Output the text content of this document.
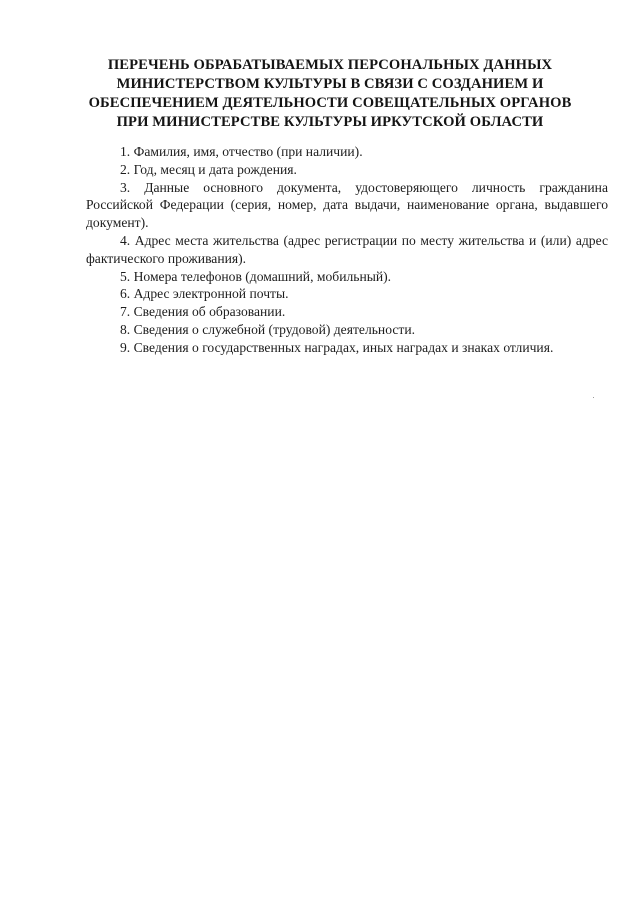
ПЕРЕЧЕНЬ ОБРАБАТЫВАЕМЫХ ПЕРСОНАЛЬНЫХ ДАННЫХ
МИНИСТЕРСТВОМ КУЛЬТУРЫ В СВЯЗИ С СОЗДАНИЕМ И
ОБЕСПЕЧЕНИЕМ ДЕЯТЕЛЬНОСТИ СОВЕЩАТЕЛЬНЫХ ОРГАНОВ
ПРИ МИНИСТЕРСТВЕ КУЛЬТУРЫ ИРКУТСКОЙ ОБЛАСТИ
1. Фамилия, имя, отчество (при наличии).
2. Год, месяц и дата рождения.
3. Данные основного документа, удостоверяющего личность гражданина Российской Федерации (серия, номер, дата выдачи, наименование органа, выдавшего документ).
4. Адрес места жительства (адрес регистрации по месту жительства и (или) адрес фактического проживания).
5. Номера телефонов (домашний, мобильный).
6. Адрес электронной почты.
7. Сведения об образовании.
8. Сведения о служебной (трудовой) деятельности.
9. Сведения о государственных наградах, иных наградах и знаках отличия.
